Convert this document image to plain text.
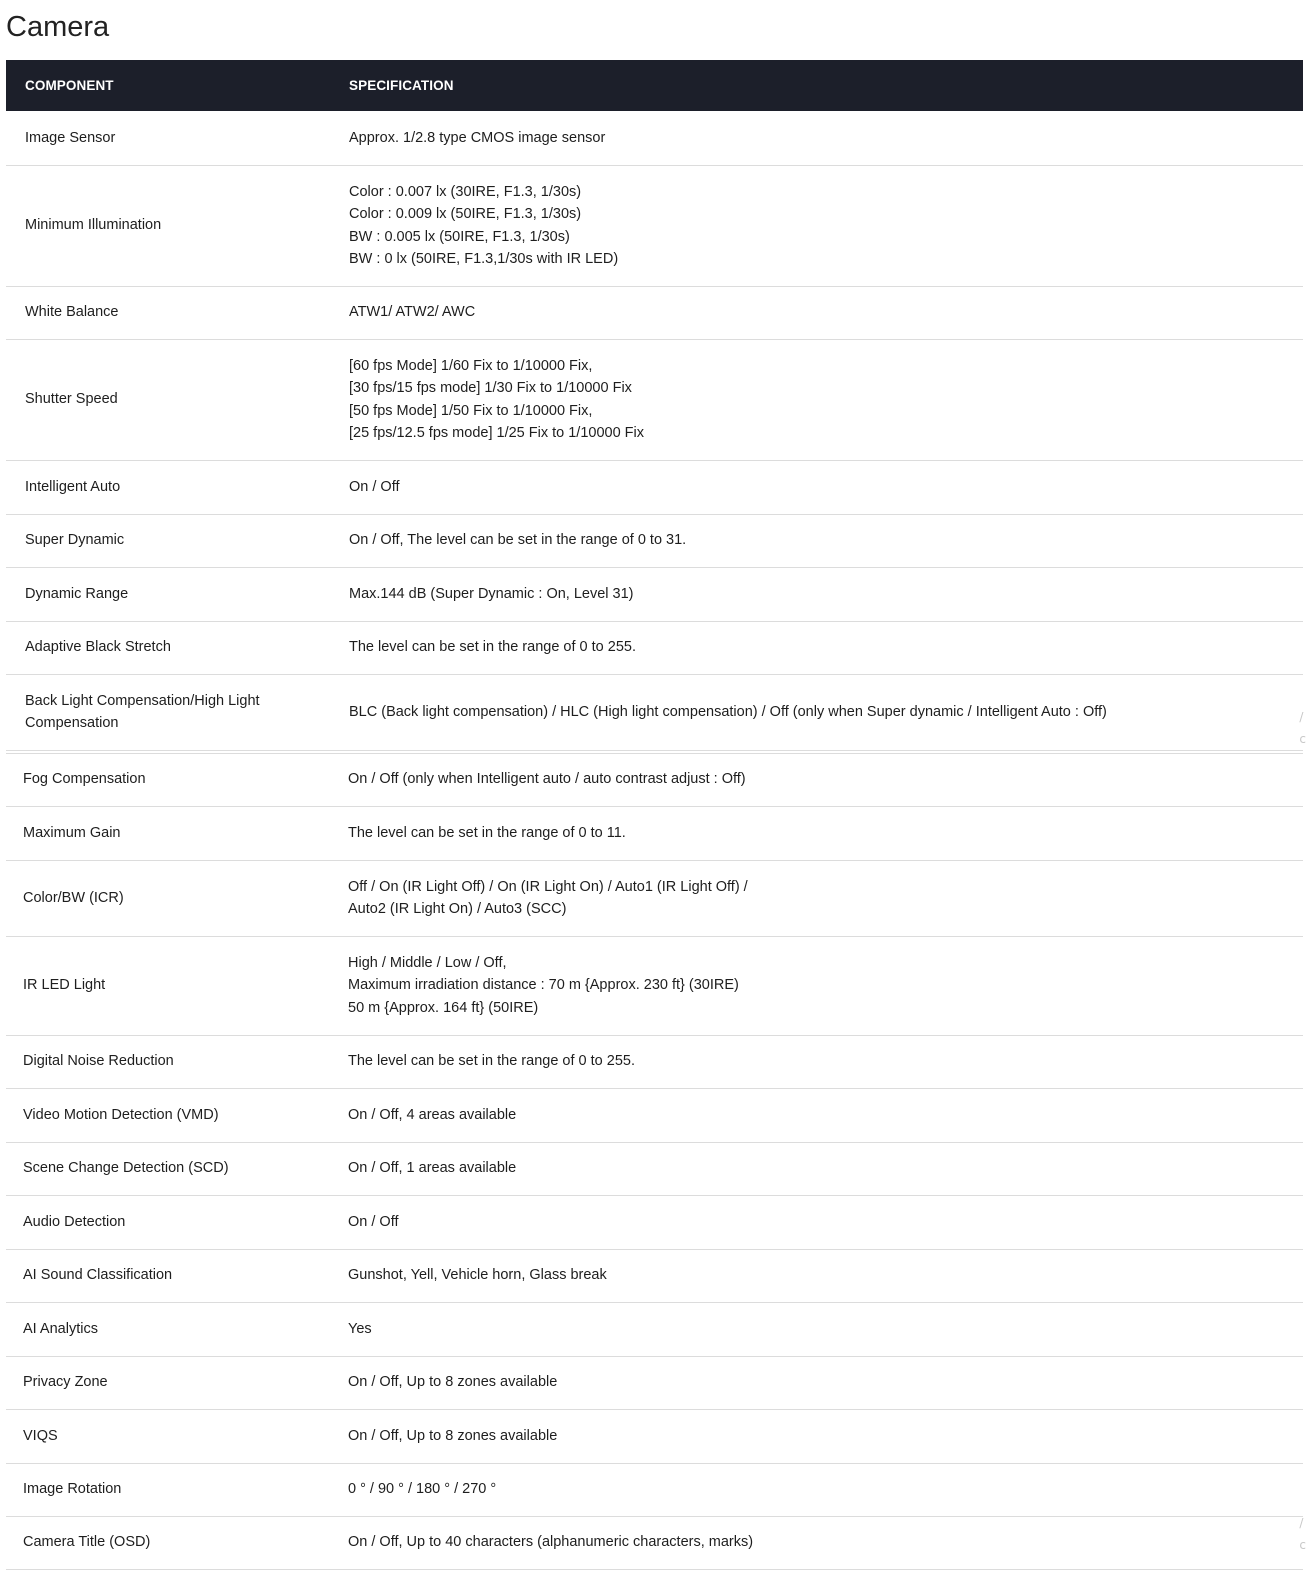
Camera
COMPONENT	SPECIFICATION

Image Sensor	Approx. 1/2.8 type CMOS image sensor

Minimum Illumination	Color : 0.007 lx (30IRE, F1.3, 1/30s)
Color : 0.009 lx (50IRE, F1.3, 1/30s)
BW : 0.005 lx (50IRE, F1.3, 1/30s)
BW : 0 lx (50IRE, F1.3,1/30s with IR LED)

White Balance	ATW1/ ATW2/ AWC

Shutter Speed	[60 fps Mode] 1/60 Fix to 1/10000 Fix,
[30 fps/15 fps mode] 1/30 Fix to 1/10000 Fix
[50 fps Mode] 1/50 Fix to 1/10000 Fix,
[25 fps/12.5 fps mode] 1/25 Fix to 1/10000 Fix

Intelligent Auto	On / Off

Super Dynamic	On / Off, The level can be set in the range of 0 to 31.

Dynamic Range	Max.144 dB (Super Dynamic : On, Level 31)

Adaptive Black Stretch	The level can be set in the range of 0 to 255.

Back Light Compensation/High Light
Compensation	BLC (Back light compensation) / HLC (High light compensation) / Off (only when Super dynamic / Intelligent Auto : Off)

Fog Compensation	On / Off (only when Intelligent auto / auto contrast adjust : Off)

Maximum Gain	The level can be set in the range of 0 to 11.

Color/BW (ICR)	Off / On (IR Light Off) / On (IR Light On) / Auto1 (IR Light Off) /
Auto2 (IR Light On) / Auto3 (SCC)

IR LED Light	High / Middle / Low / Off,
Maximum irradiation distance : 70 m {Approx. 230 ft} (30IRE)
50 m {Approx. 164 ft} (50IRE)

Digital Noise Reduction	The level can be set in the range of 0 to 255.

Video Motion Detection (VMD)	On / Off, 4 areas available

Scene Change Detection (SCD)	On / Off, 1 areas available

Audio Detection	On / Off

AI Sound Classification	Gunshot, Yell, Vehicle horn, Glass break

AI Analytics	Yes

Privacy Zone	On / Off, Up to 8 zones available

VIQS	On / Off, Up to 8 zones available

Image Rotation	0 ° / 90 ° / 180 ° / 270 °

Camera Title (OSD)	On / Off, Up to 40 characters (alphanumeric characters, marks)
/
c
/
c
